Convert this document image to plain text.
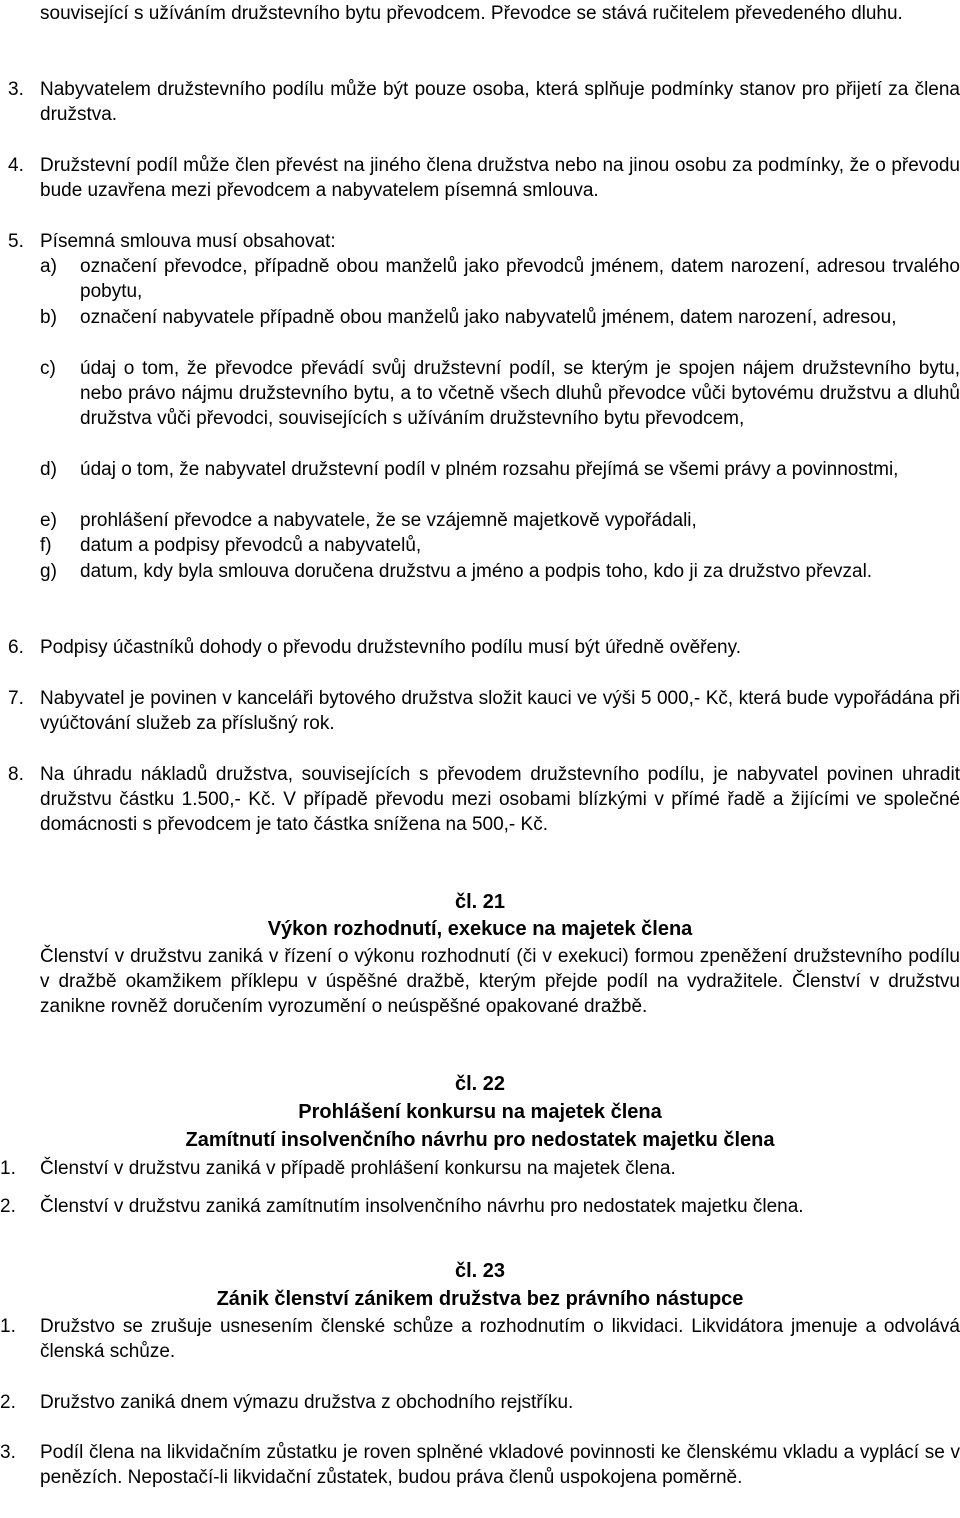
související s užíváním družstevního bytu převodcem. Převodce se stává ručitelem převedeného dluhu.
3. Nabyvatelem družstevního podílu může být pouze osoba, která splňuje podmínky stanov pro přijetí za člena družstva.
4. Družstevní podíl může člen převést na jiného člena družstva nebo na jinou osobu za podmínky, že o převodu bude uzavřena mezi převodcem a nabyvatelem písemná smlouva.
5. Písemná smlouva musí obsahovat:
a) označení převodce, případně obou manželů jako převodců jménem, datem narození, adresou trvalého pobytu,
b) označení nabyvatele případně obou manželů jako nabyvatelů jménem, datem narození, adresou,
c) údaj o tom, že převodce převádí svůj družstevní podíl, se kterým je spojen nájem družstevního bytu, nebo právo nájmu družstevního bytu, a to včetně všech dluhů převodce vůči bytovému družstvu a dluhů družstva vůči převodci, souvisejících s užíváním družstevního bytu převodcem,
d) údaj o tom, že nabyvatel družstevní podíl v plném rozsahu přejímá se všemi právy a povinnostmi,
e) prohlášení převodce a nabyvatele, že se vzájemně majetkově vypořádali,
f) datum a podpisy převodců a nabyvatelů,
g) datum, kdy byla smlouva doručena družstvu a jméno a podpis toho, kdo ji za družstvo převzal.
6. Podpisy účastníků dohody o převodu družstevního podílu musí být úředně ověřeny.
7. Nabyvatel je povinen v kanceláři bytového družstva složit kauci ve výši 5 000,- Kč, která bude vypořádána při vyúčtování služeb za příslušný rok.
8. Na úhradu nákladů družstva, souvisejících s převodem družstevního podílu, je nabyvatel povinen uhradit družstvu částku 1.500,- Kč. V případě převodu mezi osobami blízkými v přímé řadě a žijícími ve společné domácnosti s převodcem je tato částka snížena na 500,- Kč.
čl. 21
Výkon rozhodnutí, exekuce na majetek člena
Členství v družstvu zaniká v řízení o výkonu rozhodnutí (či v exekuci) formou zpeněžení družstevního podílu v dražbě okamžikem příklepu v úspěšné dražbě, kterým přejde podíl na vydražitele. Členství v družstvu zanikne rovněž doručením vyrozumění o neúspěšné opakované dražbě.
čl. 22
Prohlášení konkursu na majetek člena
Zamítnutí insolvenčního návrhu pro nedostatek majetku člena
1. Členství v družstvu zaniká v případě prohlášení konkursu na majetek člena.
2. Členství v družstvu zaniká zamítnutím insolvenčního návrhu pro nedostatek majetku člena.
čl. 23
Zánik členství zánikem družstva bez právního nástupce
1. Družstvo se zrušuje usnesením členské schůze a rozhodnutím o likvidaci. Likvidátora jmenuje a odvolává členská schůze.
2. Družstvo zaniká dnem výmazu družstva z obchodního rejstříku.
3. Podíl člena na likvidačním zůstatku je roven splněné vkladové povinnosti ke členskému vkladu a vyplácí se v penězích. Nepostačí-li likvidační zůstatek, budou práva členů uspokojena poměrně.
